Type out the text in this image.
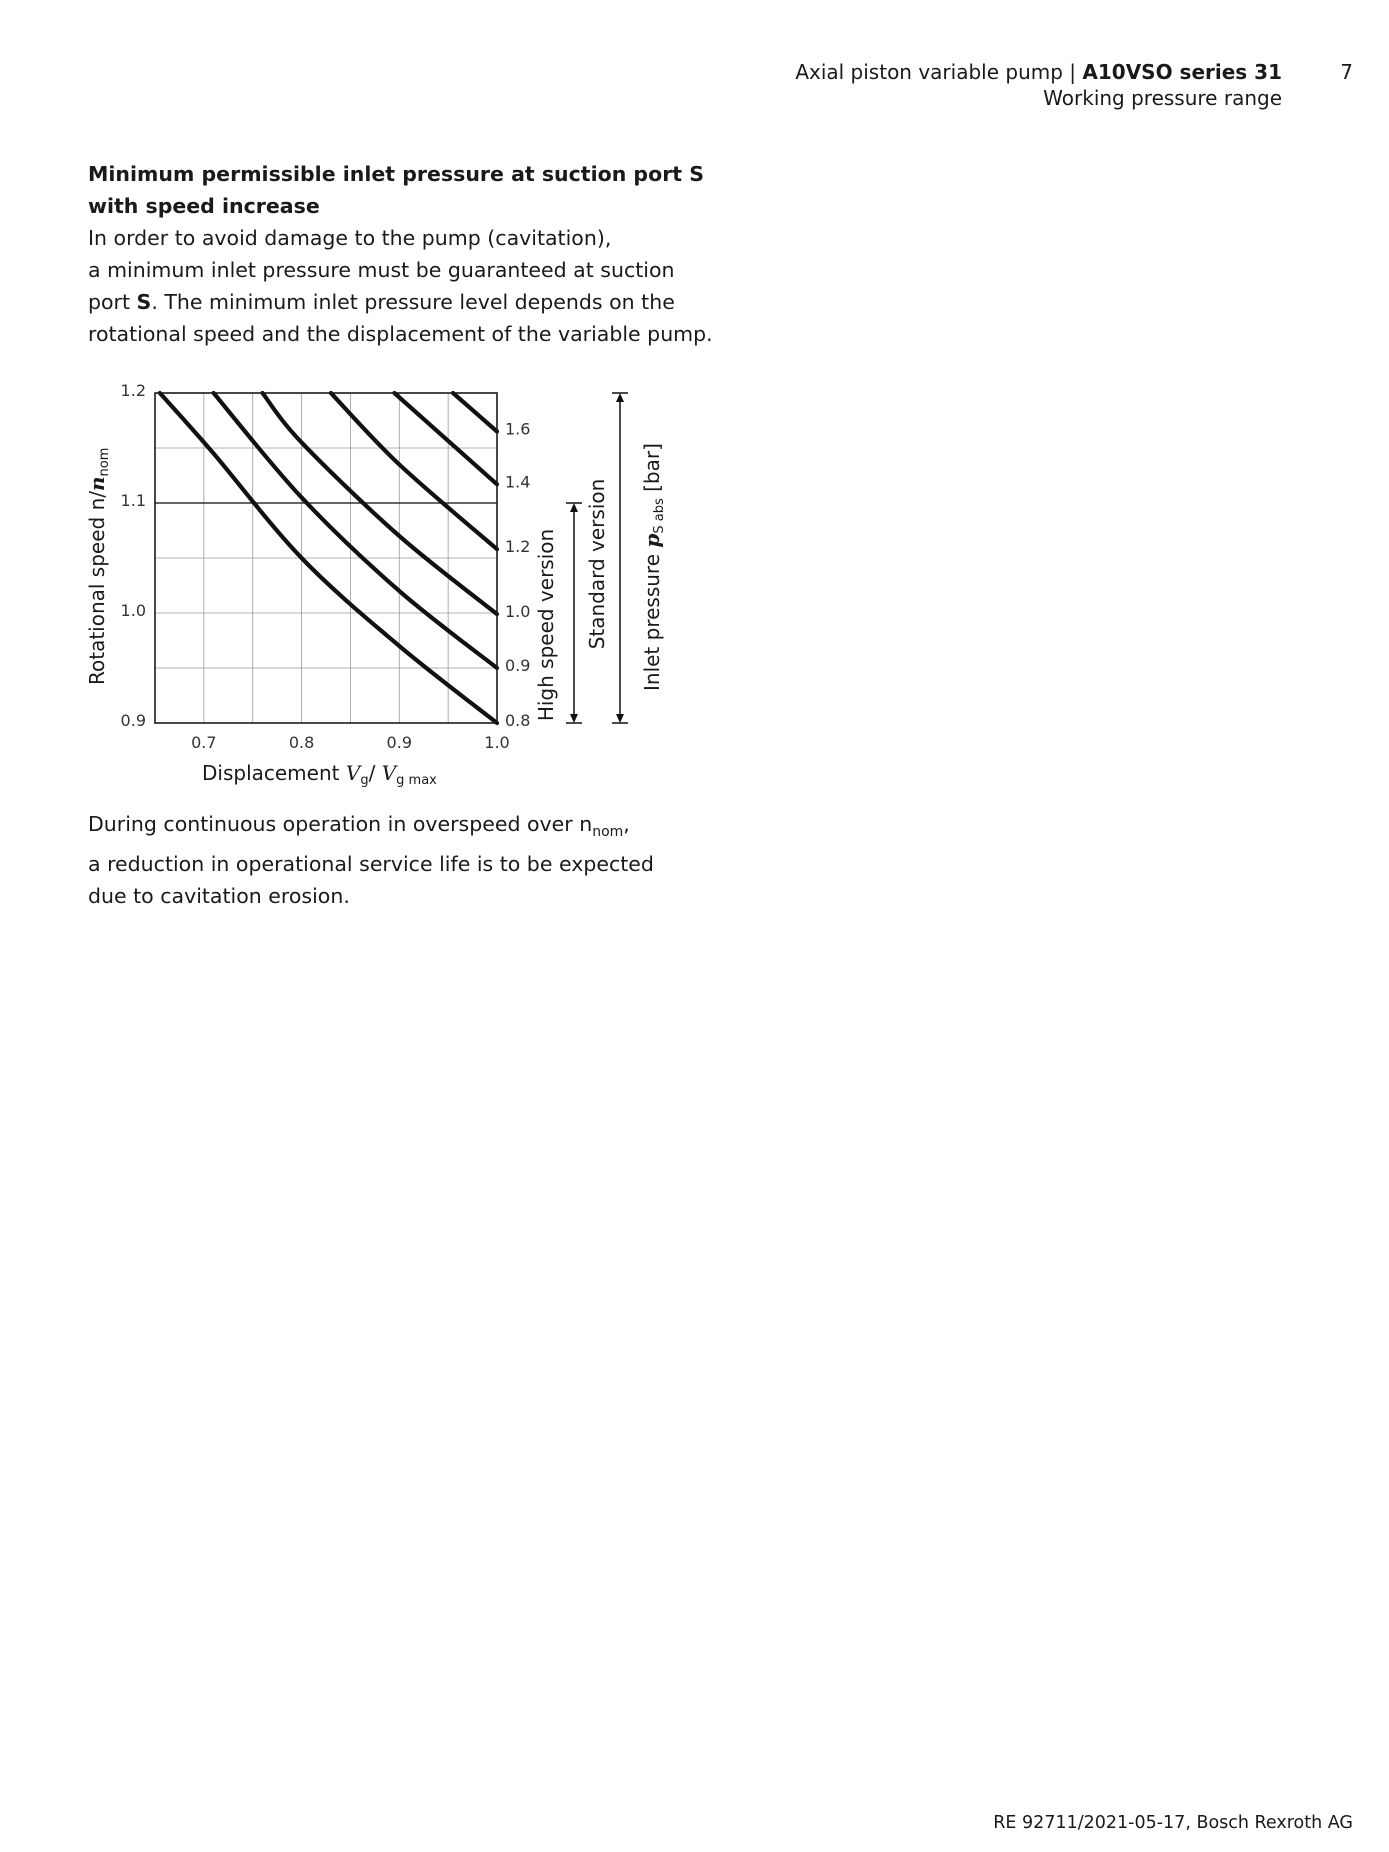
Axial piston variable pump | A10VSO series 31	7
Working pressure range

Minimum permissible inlet pressure at suction port S

with speed increase

In order to avoid damage to the pump (cavitation),

a minimum inlet pressure must be guaranteed at suction

port S. The minimum inlet pressure level depends on the

rotational speed and the displacement of the variable pump.

0.7	0.8	0.9	1.0
0.9
1.0
1.1
1.2
0.8
0.9
1.0
1.2
1.4
1.6
High speed version Standard version
Displacement $V_g/$ $V_{g max}$
Rotational speed $n/n_{nom}$
Inlet pressure $p_{S abs}$ [bar]

During continuous operation in overspeed over $n_{nom}$,

a reduction in operational service life is to be expected

due to cavitation erosion.

RE 92711/2021-05-17, Bosch Rexroth AG
